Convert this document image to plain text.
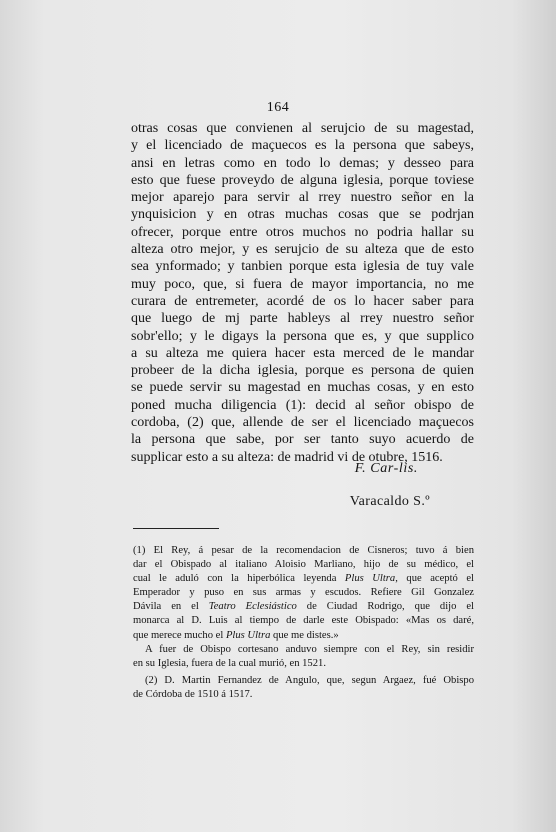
164
otras cosas que convienen al serujcio de su magestad,
y el licenciado de maçuecos es la persona que sabeys,
ansi en letras como en todo lo demas; y desseo para
esto que fuese proveydo de alguna iglesia, porque toviese
mejor aparejo para servir al rrey nuestro señor en la
ynquisicion y en otras muchas cosas que se podrjan
ofrecer, porque entre otros muchos no podria hallar su
alteza otro mejor, y es serujcio de su alteza que de esto
sea ynformado; y tanbien porque esta iglesia de tuy vale
muy poco, que, si fuera de mayor importancia, no me
curara de entremeter, acordé de os lo hacer saber para
que luego de mj parte hableys al rrey nuestro señor
sobr'ello; y le digays la persona que es, y que supplico
a su alteza me quiera hacer esta merced de le mandar
probeer de la dicha iglesia, porque es persona de quien
se puede servir su magestad en muchas cosas, y en esto
poned mucha diligencia (1): decid al señor obispo de
cordoba, (2) que, allende de ser el licenciado maçuecos
la persona que sabe, por ser tanto suyo acuerdo de
supplicar esto a su alteza: de madrid vi de otubre, 1516.
F. Car-lis.
Varacaldo S.º
(1) El Rey, á pesar de la recomendacion de Cisneros; tuvo á bien
dar el Obispado al italiano Aloisio Marliano, hijo de su médico, el
cual le aduló con la hiperbólica leyenda Plus Ultra, que aceptó el
Emperador y puso en sus armas y escudos. Refiere Gil Gonzalez
Dávila en el Teatro Eclesiástico de Ciudad Rodrigo, que dijo el
monarca al D. Luis al tiempo de darle este Obispado: «Mas os daré,
que merece mucho el Plus Ultra que me distes.»
A fuer de Obispo cortesano anduvo siempre con el Rey, sin residir
en su Iglesia, fuera de la cual murió, en 1521.
(2) D. Martin Fernandez de Angulo, que, segun Argaez, fué Obispo
de Córdoba de 1510 á 1517.
